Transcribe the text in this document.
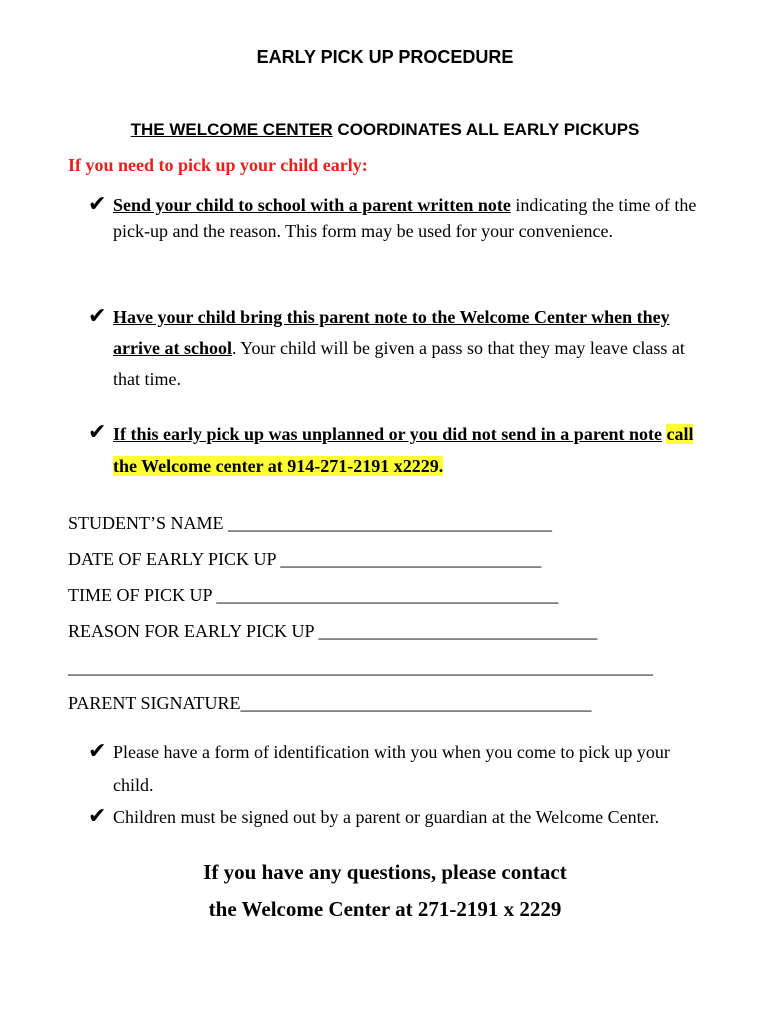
EARLY PICK UP PROCEDURE
THE WELCOME CENTER COORDINATES ALL EARLY PICKUPS
If you need to pick up your child early:
✔ Send your child to school with a parent written note indicating the time of the pick-up and the reason. This form may be used for your convenience.
✔ Have your child bring this parent note to the Welcome Center when they arrive at school. Your child will be given a pass so that they may leave class at that time.
✔ If this early pick up was unplanned or you did not send in a parent note call the Welcome center at 914-271-2191 x2229.
STUDENT’S NAME ____________________________________
DATE OF EARLY PICK UP _____________________________
TIME OF PICK UP ______________________________________
REASON FOR EARLY PICK UP _______________________________
_________________________________________________________________
PARENT SIGNATURE_______________________________________
✔ Please have a form of identification with you when you come to pick up your child.
✔ Children must be signed out by a parent or guardian at the Welcome Center.
If you have any questions, please contact
the Welcome Center at 271-2191 x 2229
